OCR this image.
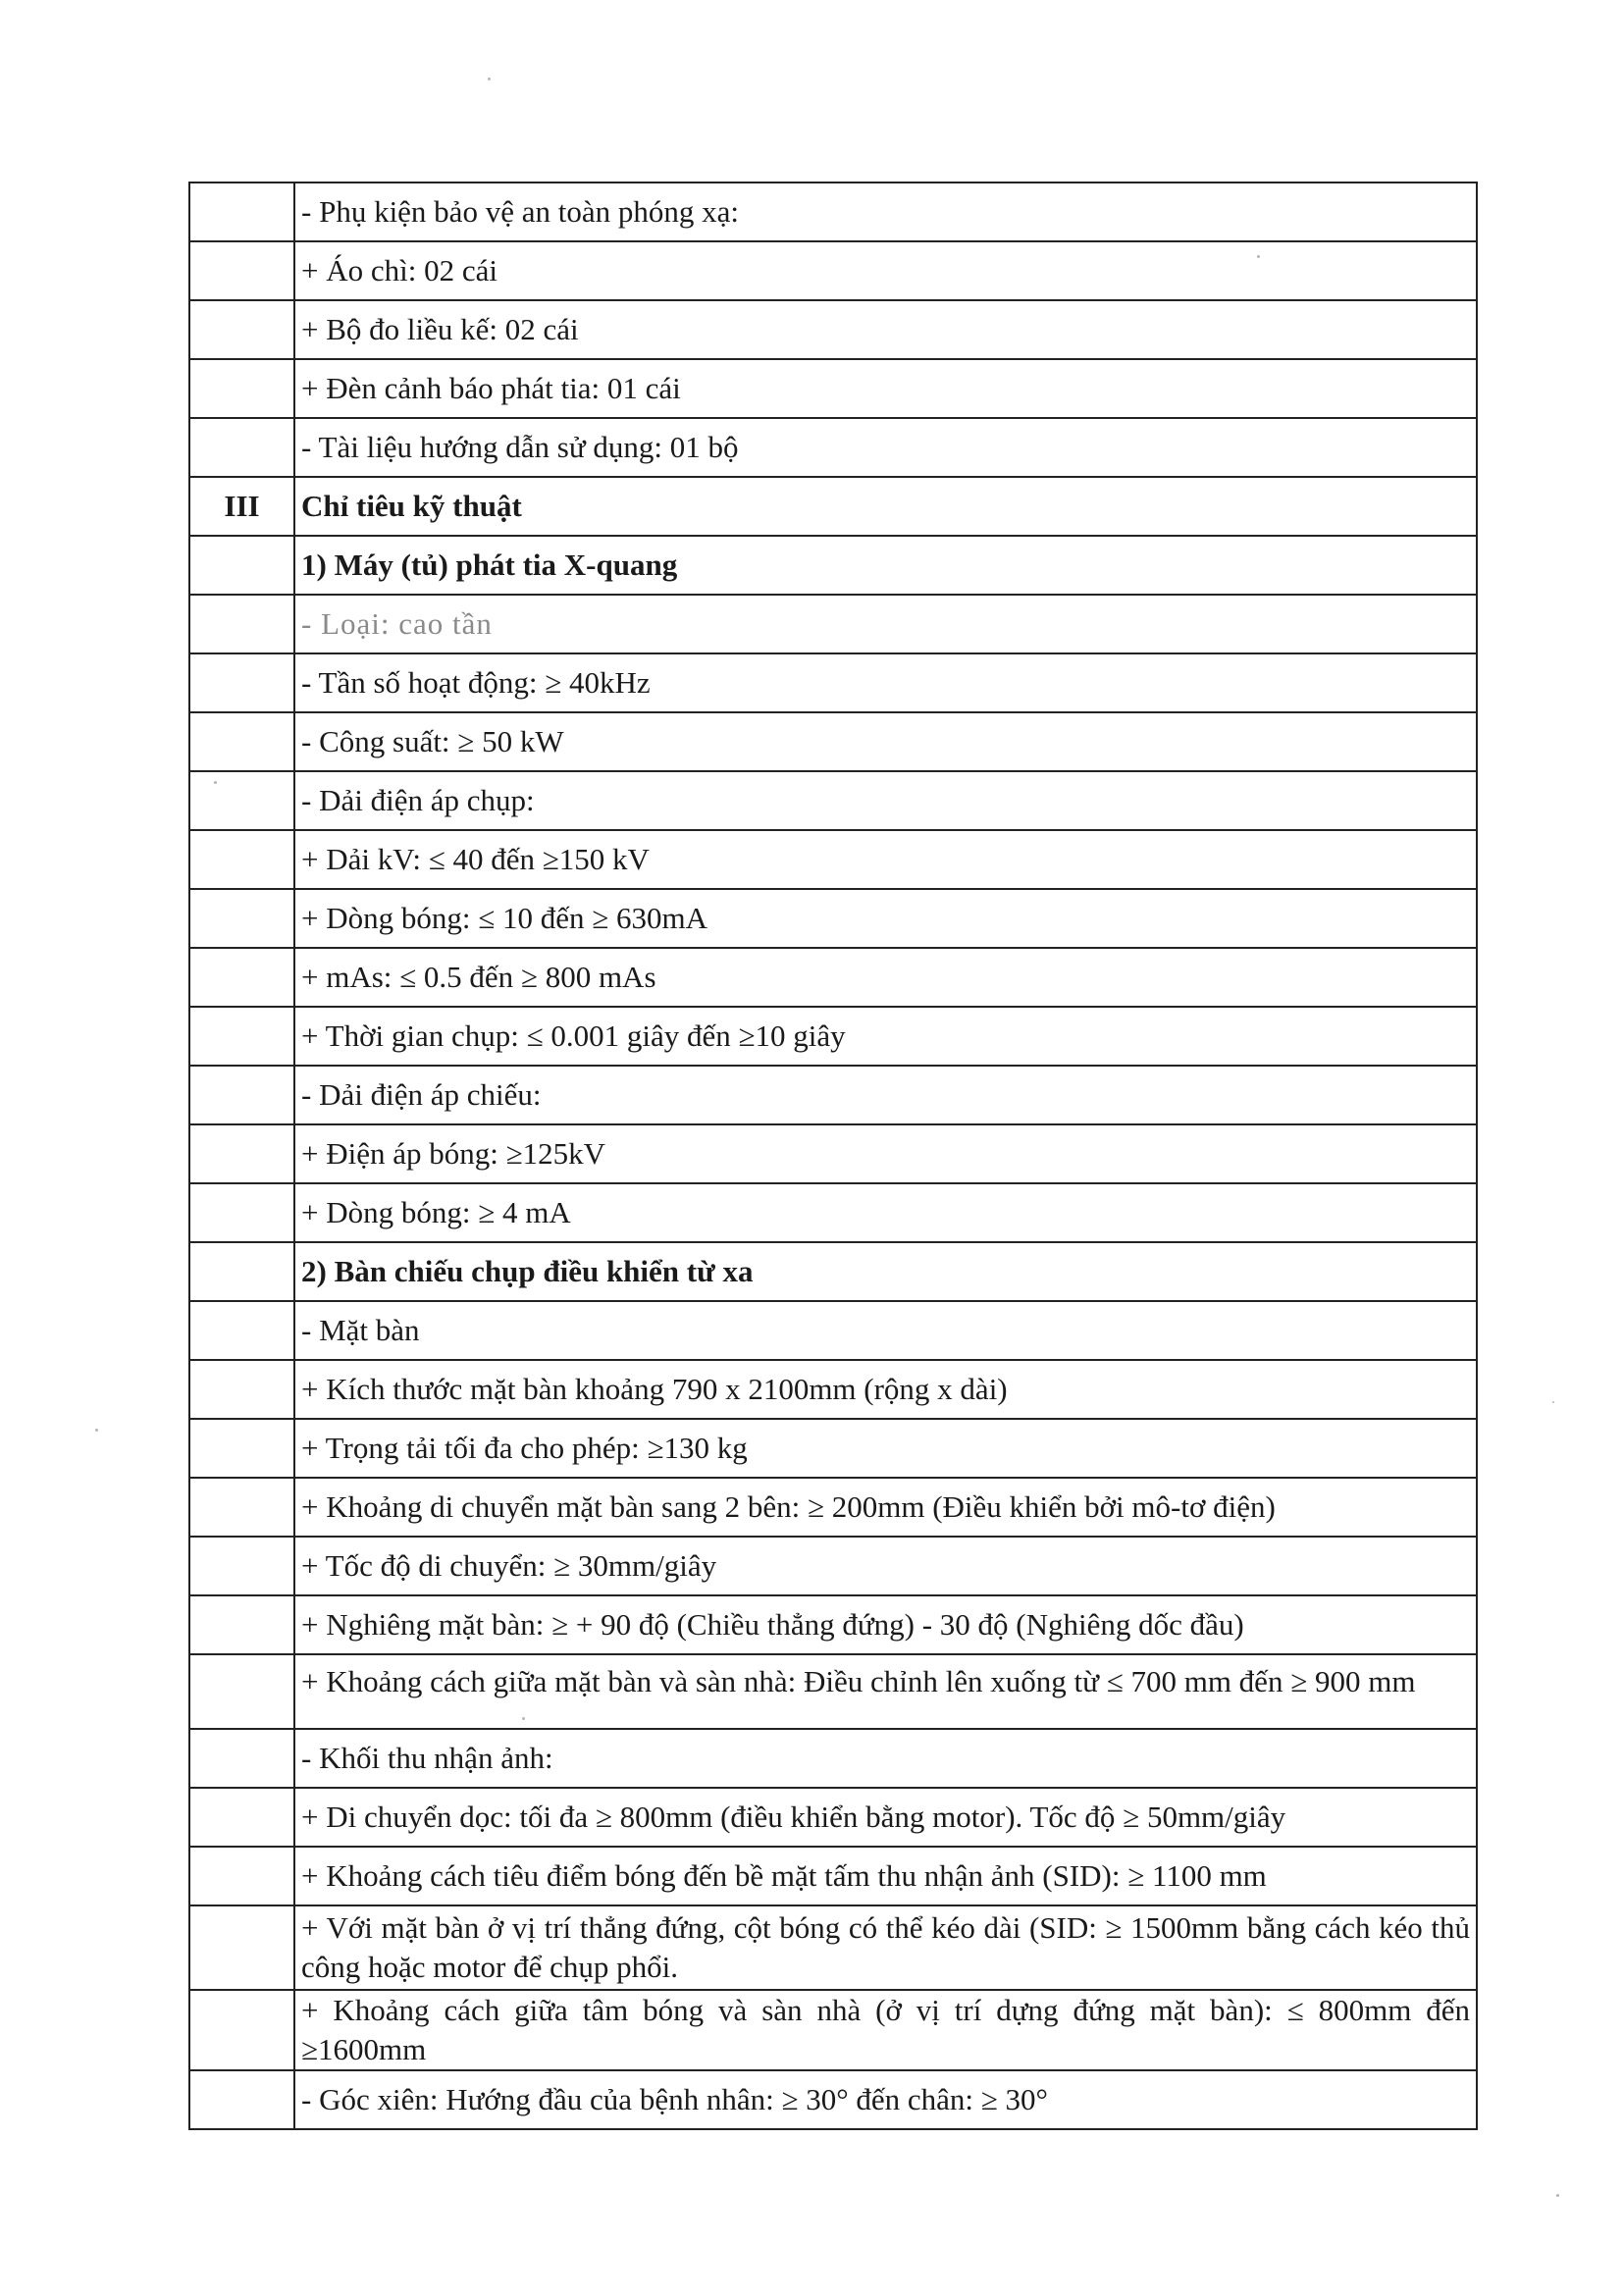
	- Phụ kiện bảo vệ an toàn phóng xạ:
	+ Áo chì: 02 cái
	+ Bộ đo liều kế: 02 cái
	+ Đèn cảnh báo phát tia: 01 cái
	- Tài liệu hướng dẫn sử dụng: 01 bộ
III	Chỉ tiêu kỹ thuật
	1) Máy (tủ) phát tia X-quang
	- Loại: cao tần
	- Tần số hoạt động: ≥ 40kHz
	- Công suất: ≥ 50 kW
	- Dải điện áp chụp:
	+ Dải kV: ≤ 40 đến ≥150 kV
	+ Dòng bóng: ≤ 10 đến ≥ 630mA
	+ mAs: ≤ 0.5 đến ≥ 800 mAs
	+ Thời gian chụp: ≤ 0.001 giây đến ≥10 giây
	- Dải điện áp chiếu:
	+ Điện áp bóng: ≥125kV
	+ Dòng bóng: ≥ 4 mA
	2) Bàn chiếu chụp điều khiển từ xa
	- Mặt bàn
	+ Kích thước mặt bàn khoảng 790 x 2100mm (rộng x dài)
	+ Trọng tải tối đa cho phép: ≥130 kg
	+ Khoảng di chuyển mặt bàn sang 2 bên: ≥ 200mm (Điều khiển bởi mô-tơ điện)
	+ Tốc độ di chuyển: ≥ 30mm/giây
	+ Nghiêng mặt bàn: ≥ + 90 độ (Chiều thẳng đứng) - 30 độ (Nghiêng dốc đầu)
	+ Khoảng cách giữa mặt bàn và sàn nhà: Điều chỉnh lên xuống từ ≤ 700 mm đến ≥ 900 mm
	- Khối thu nhận ảnh:
	+ Di chuyển dọc: tối đa ≥ 800mm (điều khiển bằng motor). Tốc độ ≥ 50mm/giây
	+ Khoảng cách tiêu điểm bóng đến bề mặt tấm thu nhận ảnh (SID): ≥ 1100 mm
	+ Với mặt bàn ở vị trí thẳng đứng, cột bóng có thể kéo dài (SID: ≥ 1500mm bằng cách kéo thủ công hoặc motor để chụp phổi.
	+ Khoảng cách giữa tâm bóng và sàn nhà (ở vị trí dựng đứng mặt bàn): ≤ 800mm đến ≥1600mm
	- Góc xiên: Hướng đầu của bệnh nhân: ≥ 30° đến chân: ≥ 30°
